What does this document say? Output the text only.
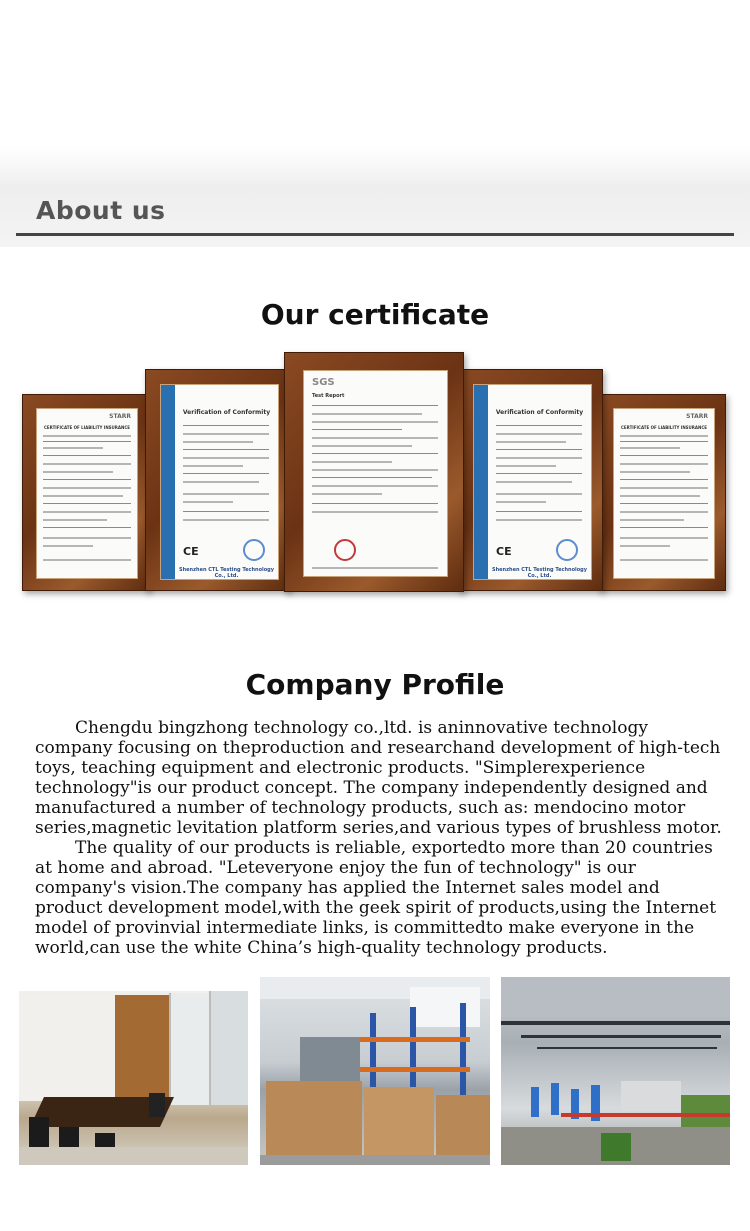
About us
Our certificate
STARR
CERTIFICATE OF LIABILITY INSURANCE
STARR
CERTIFICATE OF LIABILITY INSURANCE
Verification of Conformity
CE
Shenzhen CTL Testing Technology Co., Ltd.
Verification of Conformity
CE
Shenzhen CTL Testing Technology Co., Ltd.
SGS
Test Report
Company Profile

Chengdu bingzhong technology co.,ltd. is aninnovative technology company focusing on theproduction and researchand development of high-tech toys, teaching equipment and electronic products. "Simplerexperience technology"is our product concept. The company independently designed and manufactured a number of technology products, such as: mendocino motor series,magnetic levitation platform series,and various types of brushless motor.

The quality of our products is reliable, exportedto more than 20 countries at home and abroad. "Leteveryone enjoy the fun of technology" is our company's vision.The company has applied the Internet sales model and product development model,with the geek spirit of products,using the Internet model of provinvial intermediate links, is committedto make everyone in the world,can use the white China’s high-quality technology products.
